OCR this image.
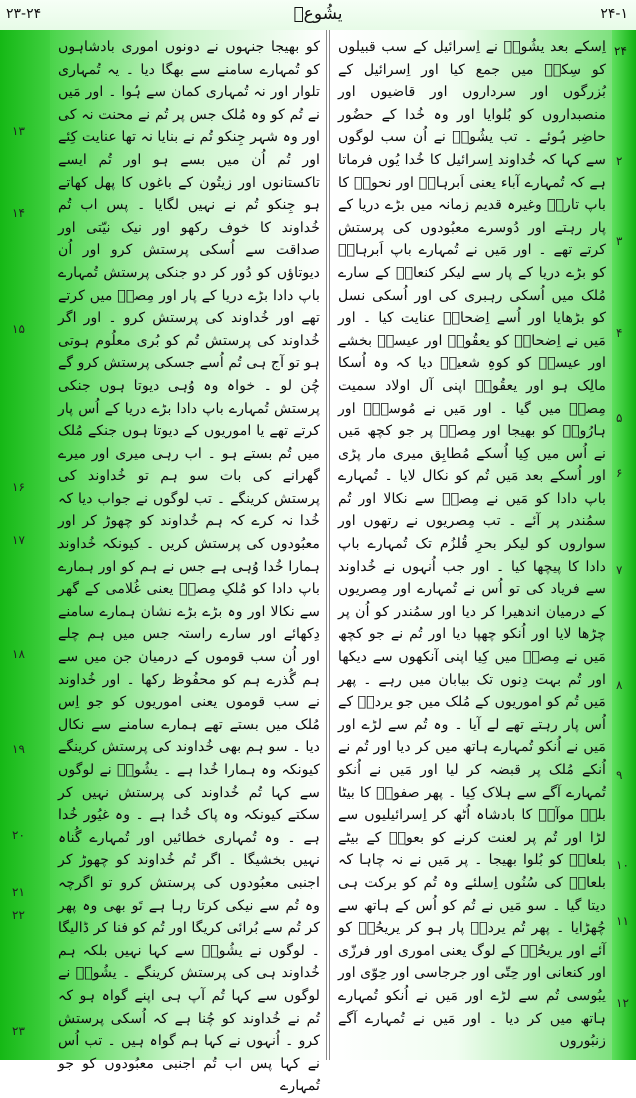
۲۳-۲۴	یشُوعؔ	۲۴-۱
۲۴
۲
۳
۴
۵
۶
۷
۸
۹
۱۰
۱۱
۱۲

اِسکے بعد یشُوعؔ نے اِسرائیل کے سب قبیلوں کو سِکمؔ میں جمع کیا اور اِسرائیل کے بُزرگوں اور سرداروں اور قاضیوں اور منصبداروں کو بُلوایا اور وہ خُدا کے حضُور حاضِر ہُوئے ۔ تب یشُوعؔ نے اُن سب لوگوں سے کہا کہ خُداوند اِسرائیل کا خُدا یُوں فرماتا ہے کہ تُمہارے آباء یعنی اَبرہامؔ اور نحورؔ کا باپ تارحؔ وغیرہ قدیم زمانہ میں بڑے دریا کے پار رہتے اور دُوسرے معبُودوں کی پرستش کرتے تھے ۔ اور مَیں نے تُمہارے باپ اَبرہامؔ کو بڑے دریا کے پار سے لیکر کنعانؔ کے سارے مُلک میں اُسکی رہبری کی اور اُسکی نسل کو بڑھایا اور اُسے اِضحاقؔ عنایت کیا ۔ اور مَیں نے اِضحاقؔ کو یعقُوبؔ اور عیسوؔ بخشے اور عیسوؔ کو کوہِ شعیرؔ دیا کہ وہ اُسکا مالِک ہو اور یعقُوبؔ اپنی آل اولاد سمیت مِصرؔ میں گیا ۔ اور مَیں نے مُوسیٰؔ اور ہارُونؔ کو بھیجا اور مِصرؔ پر جو کچھ مَیں نے اُس میں کِیا اُسکے مُطابِق میری مار پڑی اور اُسکے بعد مَیں تُم کو نکال لایا ۔ تُمہارے باپ دادا کو مَیں نے مِصرؔ سے نکالا اور تُم سمُندر پر آئے ۔ تب مِصریوں نے رتھوں اور سواروں کو لیکر بحرِ قُلزُم تک تُمہارے باپ دادا کا پیچھا کیا ۔ اور جب اُنہوں نے خُداوند سے فریاد کی تو اُس نے تُمہارے اور مِصریوں کے درمیان اندھیرا کر دیا اور سمُندر کو اُن پر چڑھا لایا اور اُنکو چھپا دیا اور تُم نے جو کچھ مَیں نے مِصرؔ میں کِیا اپنی آنکھوں سے دیکھا اور تُم بہت دِنوں تک بیابان میں رہے ۔ پھر مَیں تُم کو اموریوں کے مُلک میں جو یردنؔ کے اُس پار رہتے تھے لے آیا ۔ وہ تُم سے لڑے اور مَیں نے اُنکو تُمہارے ہاتھ میں کر دیا اور تُم نے اُنکے مُلک پر قبضہ کر لیا اور مَیں نے اُنکو تُمہارے آگے سے ہلاک کِیا ۔ پھر صفورؔ کا بیٹا بلقؔ موآبؔ کا بادشاہ اُٹھ کر اِسرائیلیوں سے لڑا اور تُم پر لعنت کرنے کو بعورؔ کے بیٹے بلعامؔ کو بُلوا بھیجا ۔ پر مَیں نے نہ چاہا کہ بلعامؔ کی سُنُوں اِسلئے وہ تُم کو برکت ہی دیتا گیا ۔ سو مَیں نے تُم کو اُس کے ہاتھ سے چُھڑایا ۔ پھر تُم یردنؔ پار ہو کر یریحُوؔ کو آئے اور یریحُوؔ کے لوگ یعنی اموری اور فرزّی اور کنعانی اور حِتّی اور جرجاسی اور حِوّی اور یبُوسی تُم سے لڑے اور مَیں نے اُنکو تُمہارے ہاتھ میں کر دیا ۔ اور مَیں نے تُمہارے آگے زنبُوروں

کو بھیجا جنہوں نے دونوں اموری بادشاہوں کو تُمہارے سامنے سے بھگا دیا ۔ یہ تُمہاری تلوار اور نہ تُمہاری کمان سے ہُوا ۔ اور مَیں نے تُم کو وہ مُلک جس پر تُم نے محنت نہ کی اور وہ شہر جِنکو تُم نے بنایا نہ تھا عنایت کِئے اور تُم اُن میں بسے ہو اور تُم ایسے تاکستانوں اور زیتُون کے باغوں کا پھل کھاتے ہو جِنکو تُم نے نہیں لگایا ۔ پس اب تُم خُداوند کا خوف رکھو اور نیک نیّتی اور صداقت سے اُسکی پرستش کرو اور اُن دیوتاؤں کو دُور کر دو جنکی پرستش تُمہارے باپ دادا بڑے دریا کے پار اور مِصرؔ میں کرتے تھے اور خُداوند کی پرستش کرو ۔ اور اگر خُداوند کی پرستش تُم کو بُری معلُوم ہوتی ہو تو آج ہی تُم اُسے جسکی پرستش کرو گے چُن لو ۔ خواہ وہ وُہی دیوتا ہوں جنکی پرستش تُمہارے باپ دادا بڑے دریا کے اُس پار کرتے تھے یا اموریوں کے دیوتا ہوں جنکے مُلک میں تُم بستے ہو ۔ اب رہی میری اور میرے گھرانے کی بات سو ہم تو خُداوند کی پرستش کرینگے ۔ تب لوگوں نے جواب دیا کہ خُدا نہ کرے کہ ہم خُداوند کو چھوڑ کر اور معبُودوں کی پرستش کریں ۔ کیونکہ خُداوند ہمارا خُدا وُہی ہے جس نے ہم کو اور ہمارے باپ دادا کو مُلکِ مِصرؔ یعنی غُلامی کے گھر سے نکالا اور وہ بڑے بڑے نشان ہمارے سامنے دِکھائے اور سارے راستہ جس میں ہم چلے اور اُن سب قوموں کے درمیان جن میں سے ہم گُذرے ہم کو محفُوظ رکھا ۔ اور خُداوند نے سب قوموں یعنی اموریوں کو جو اِس مُلک میں بستے تھے ہمارے سامنے سے نکال دیا ۔ سو ہم بھی خُداوند کی پرستش کرینگے کیونکہ وہ ہمارا خُدا ہے ۔ یشُوعؔ نے لوگوں سے کہا تُم خُداوند کی پرستش نہیں کر سکتے کیونکہ وہ پاک خُدا ہے ۔ وہ غیُور خُدا ہے ۔ وہ تُمہاری خطائیں اور تُمہارے گُناہ نہیں بخشیگا ۔ اگر تُم خُداوند کو چھوڑ کر اجنبی معبُودوں کی پرستش کرو تو اگرچہ وہ تُم سے نیکی کرتا رہا ہے تَو بھی وہ پھر کر تُم سے بُرائی کریگا اور تُم کو فنا کر ڈالیگا ۔ لوگوں نے یشُوعؔ سے کہا نہیں بلکہ ہم خُداوند ہی کی پرستش کرینگے ۔ یشُوعؔ نے لوگوں سے کہا تُم آپ ہی اپنے گواہ ہو کہ تُم نے خُداوند کو چُنا ہے کہ اُسکی پرستش کرو ۔ اُنہوں نے کہا ہم گواہ ہیں ۔ تب اُس نے کہا پس اب تُم اجنبی معبُودوں کو جو تُمہارے

۱۳
۱۴
۱۵
۱۶
۱۷
۱۸
۱۹
۲۰
۲۱
۲۲
۲۳
